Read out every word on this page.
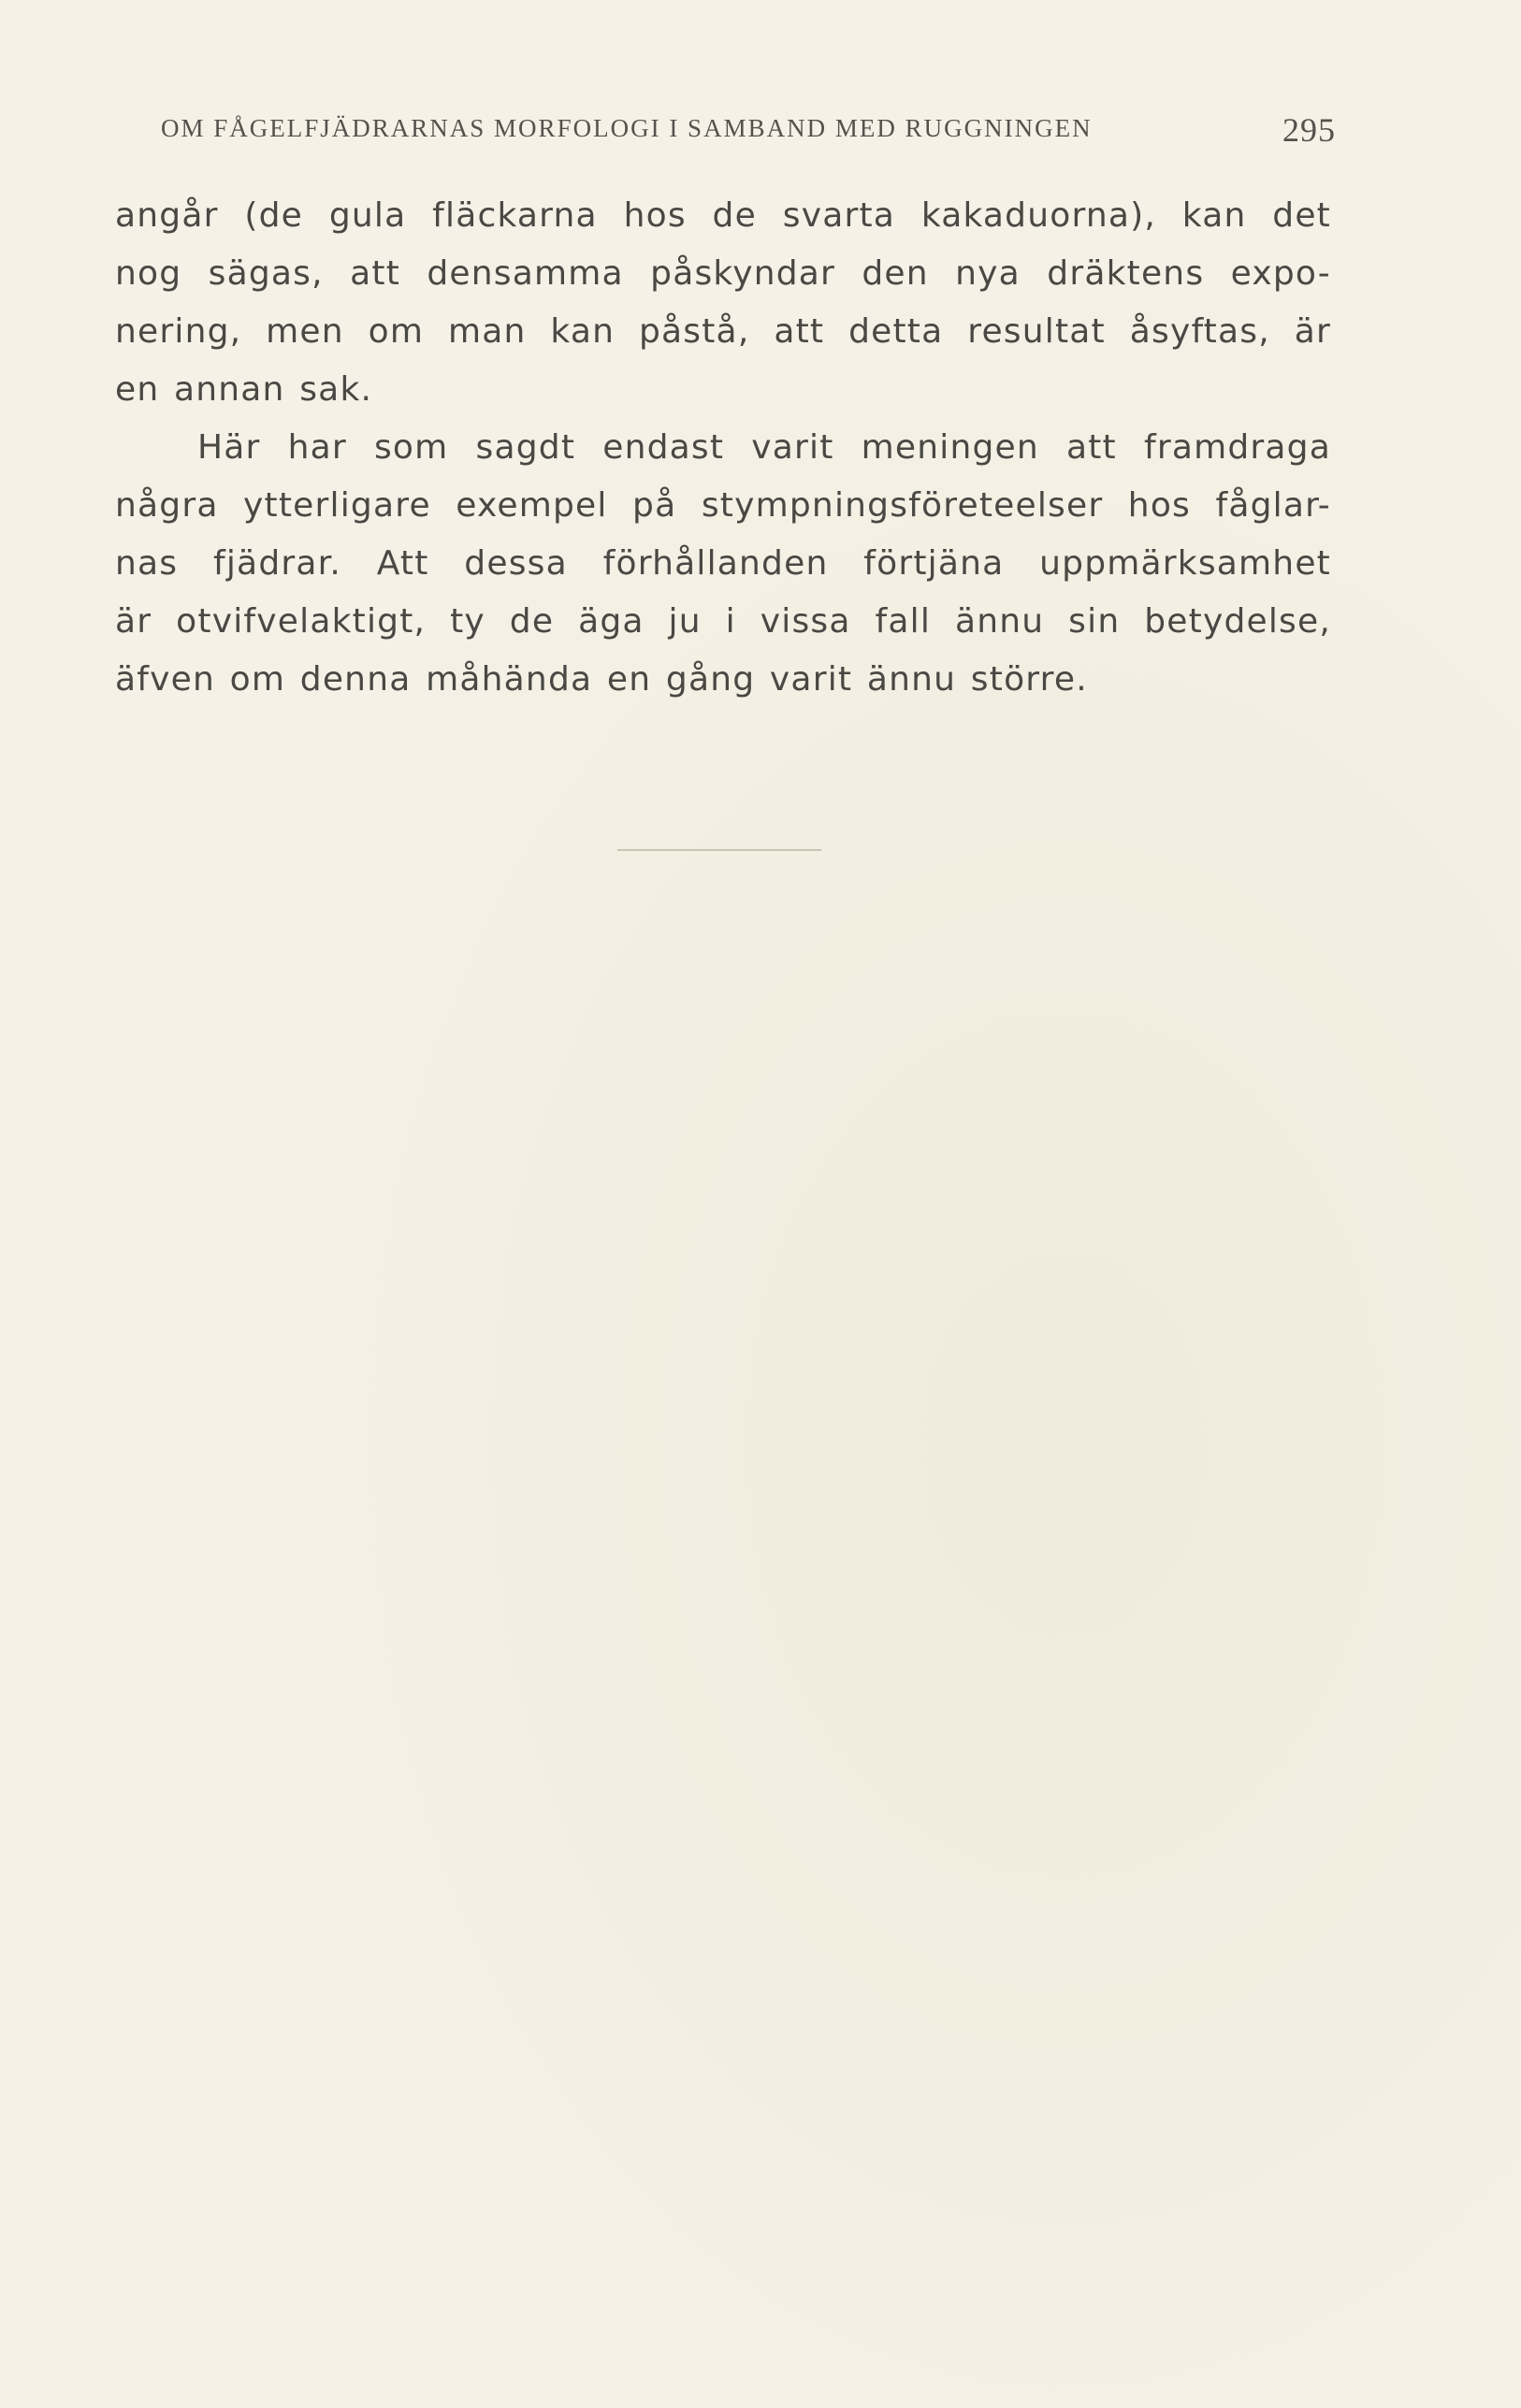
OM FÅGELFJÄDRARNAS MORFOLOGI I SAMBAND MED RUGGNINGEN	295
angår (de gula fläckarna hos de svarta kakaduorna), kan det
nog sägas, att densamma påskyndar den nya dräktens expo-
nering, men om man kan påstå, att detta resultat åsyftas, är
en annan sak.
Här har som sagdt endast varit meningen att framdraga
några ytterligare exempel på stympningsföreteelser hos fåglar-
nas fjädrar. Att dessa förhållanden förtjäna uppmärksamhet
är otvifvelaktigt, ty de äga ju i vissa fall ännu sin betydelse,
äfven om denna måhända en gång varit ännu större.
